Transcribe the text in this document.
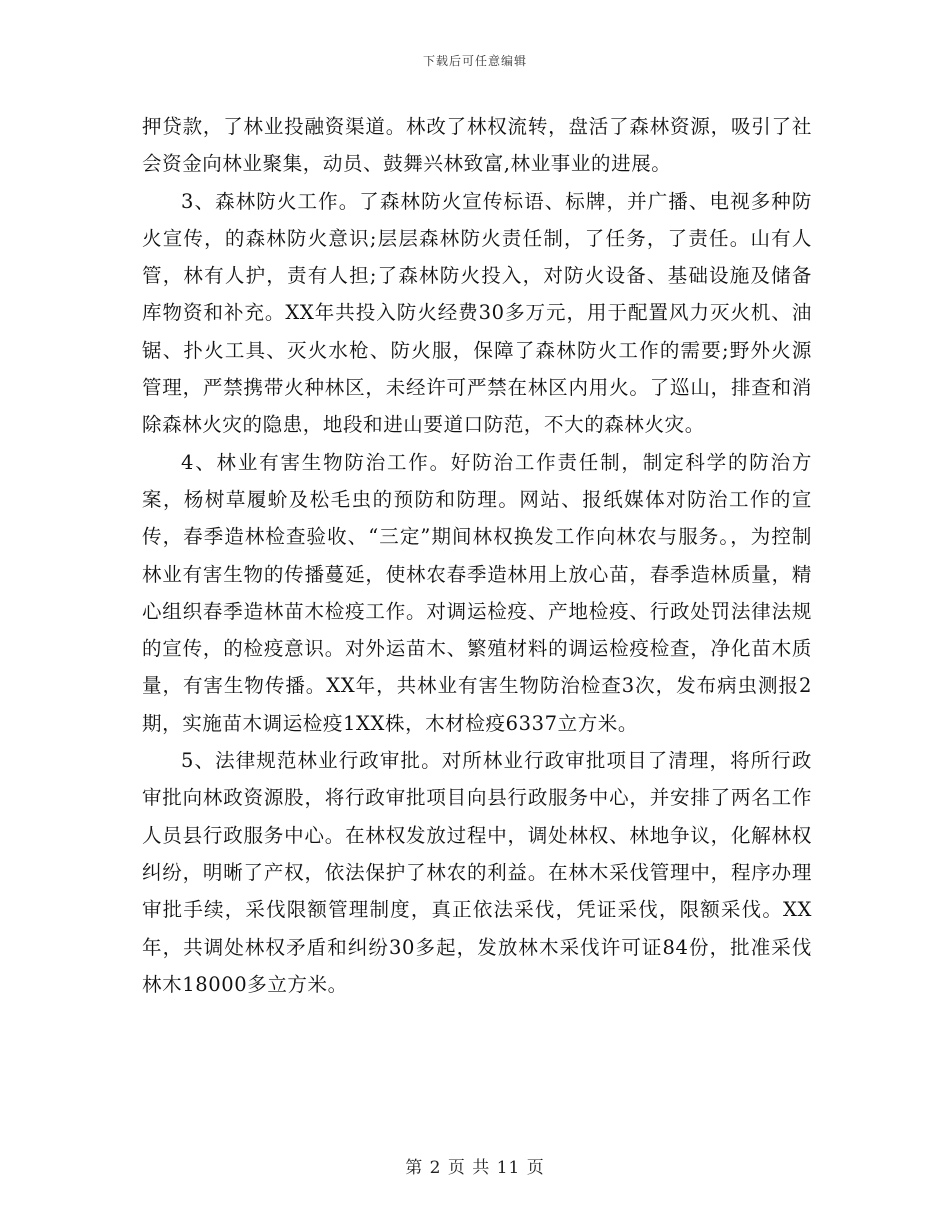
下载后可任意编辑

押贷款，了林业投融资渠道。林改了林权流转，盘活了森林资源，吸引了社会资金向林业聚集，动员、鼓舞兴林致富,林业事业的进展。

3、森林防火工作。了森林防火宣传标语、标牌，并广播、电视多种防火宣传，的森林防火意识;层层森林防火责任制，了任务，了责任。山有人管，林有人护，责有人担;了森林防火投入，对防火设备、基础设施及储备库物资和补充。XX年共投入防火经费30多万元，用于配置风力灭火机、油锯、扑火工具、灭火水枪、防火服，保障了森林防火工作的需要;野外火源管理，严禁携带火种林区，未经许可严禁在林区内用火。了巡山，排查和消除森林火灾的隐患，地段和进山要道口防范，不大的森林火灾。

4、林业有害生物防治工作。好防治工作责任制，制定科学的防治方案，杨树草履蚧及松毛虫的预防和防理。网站、报纸媒体对防治工作的宣传，春季造林检查验收、“三定”期间林权换发工作向林农与服务。，为控制林业有害生物的传播蔓延，使林农春季造林用上放心苗，春季造林质量，精心组织春季造林苗木检疫工作。对调运检疫、产地检疫、行政处罚法律法规的宣传，的检疫意识。对外运苗木、繁殖材料的调运检疫检查，净化苗木质量，有害生物传播。XX年，共林业有害生物防治检查3次，发布病虫测报2期，实施苗木调运检疫1XX株，木材检疫6337立方米。

5、法律规范林业行政审批。对所林业行政审批项目了清理，将所行政审批向林政资源股，将行政审批项目向县行政服务中心，并安排了两名工作人员县行政服务中心。在林权发放过程中，调处林权、林地争议，化解林权纠纷，明晰了产权，依法保护了林农的利益。在林木采伐管理中，程序办理审批手续，采伐限额管理制度，真正依法采伐，凭证采伐，限额采伐。XX年，共调处林权矛盾和纠纷30多起，发放林木采伐许可证84份，批准采伐林木18000多立方米。

第 2 页 共 11 页
